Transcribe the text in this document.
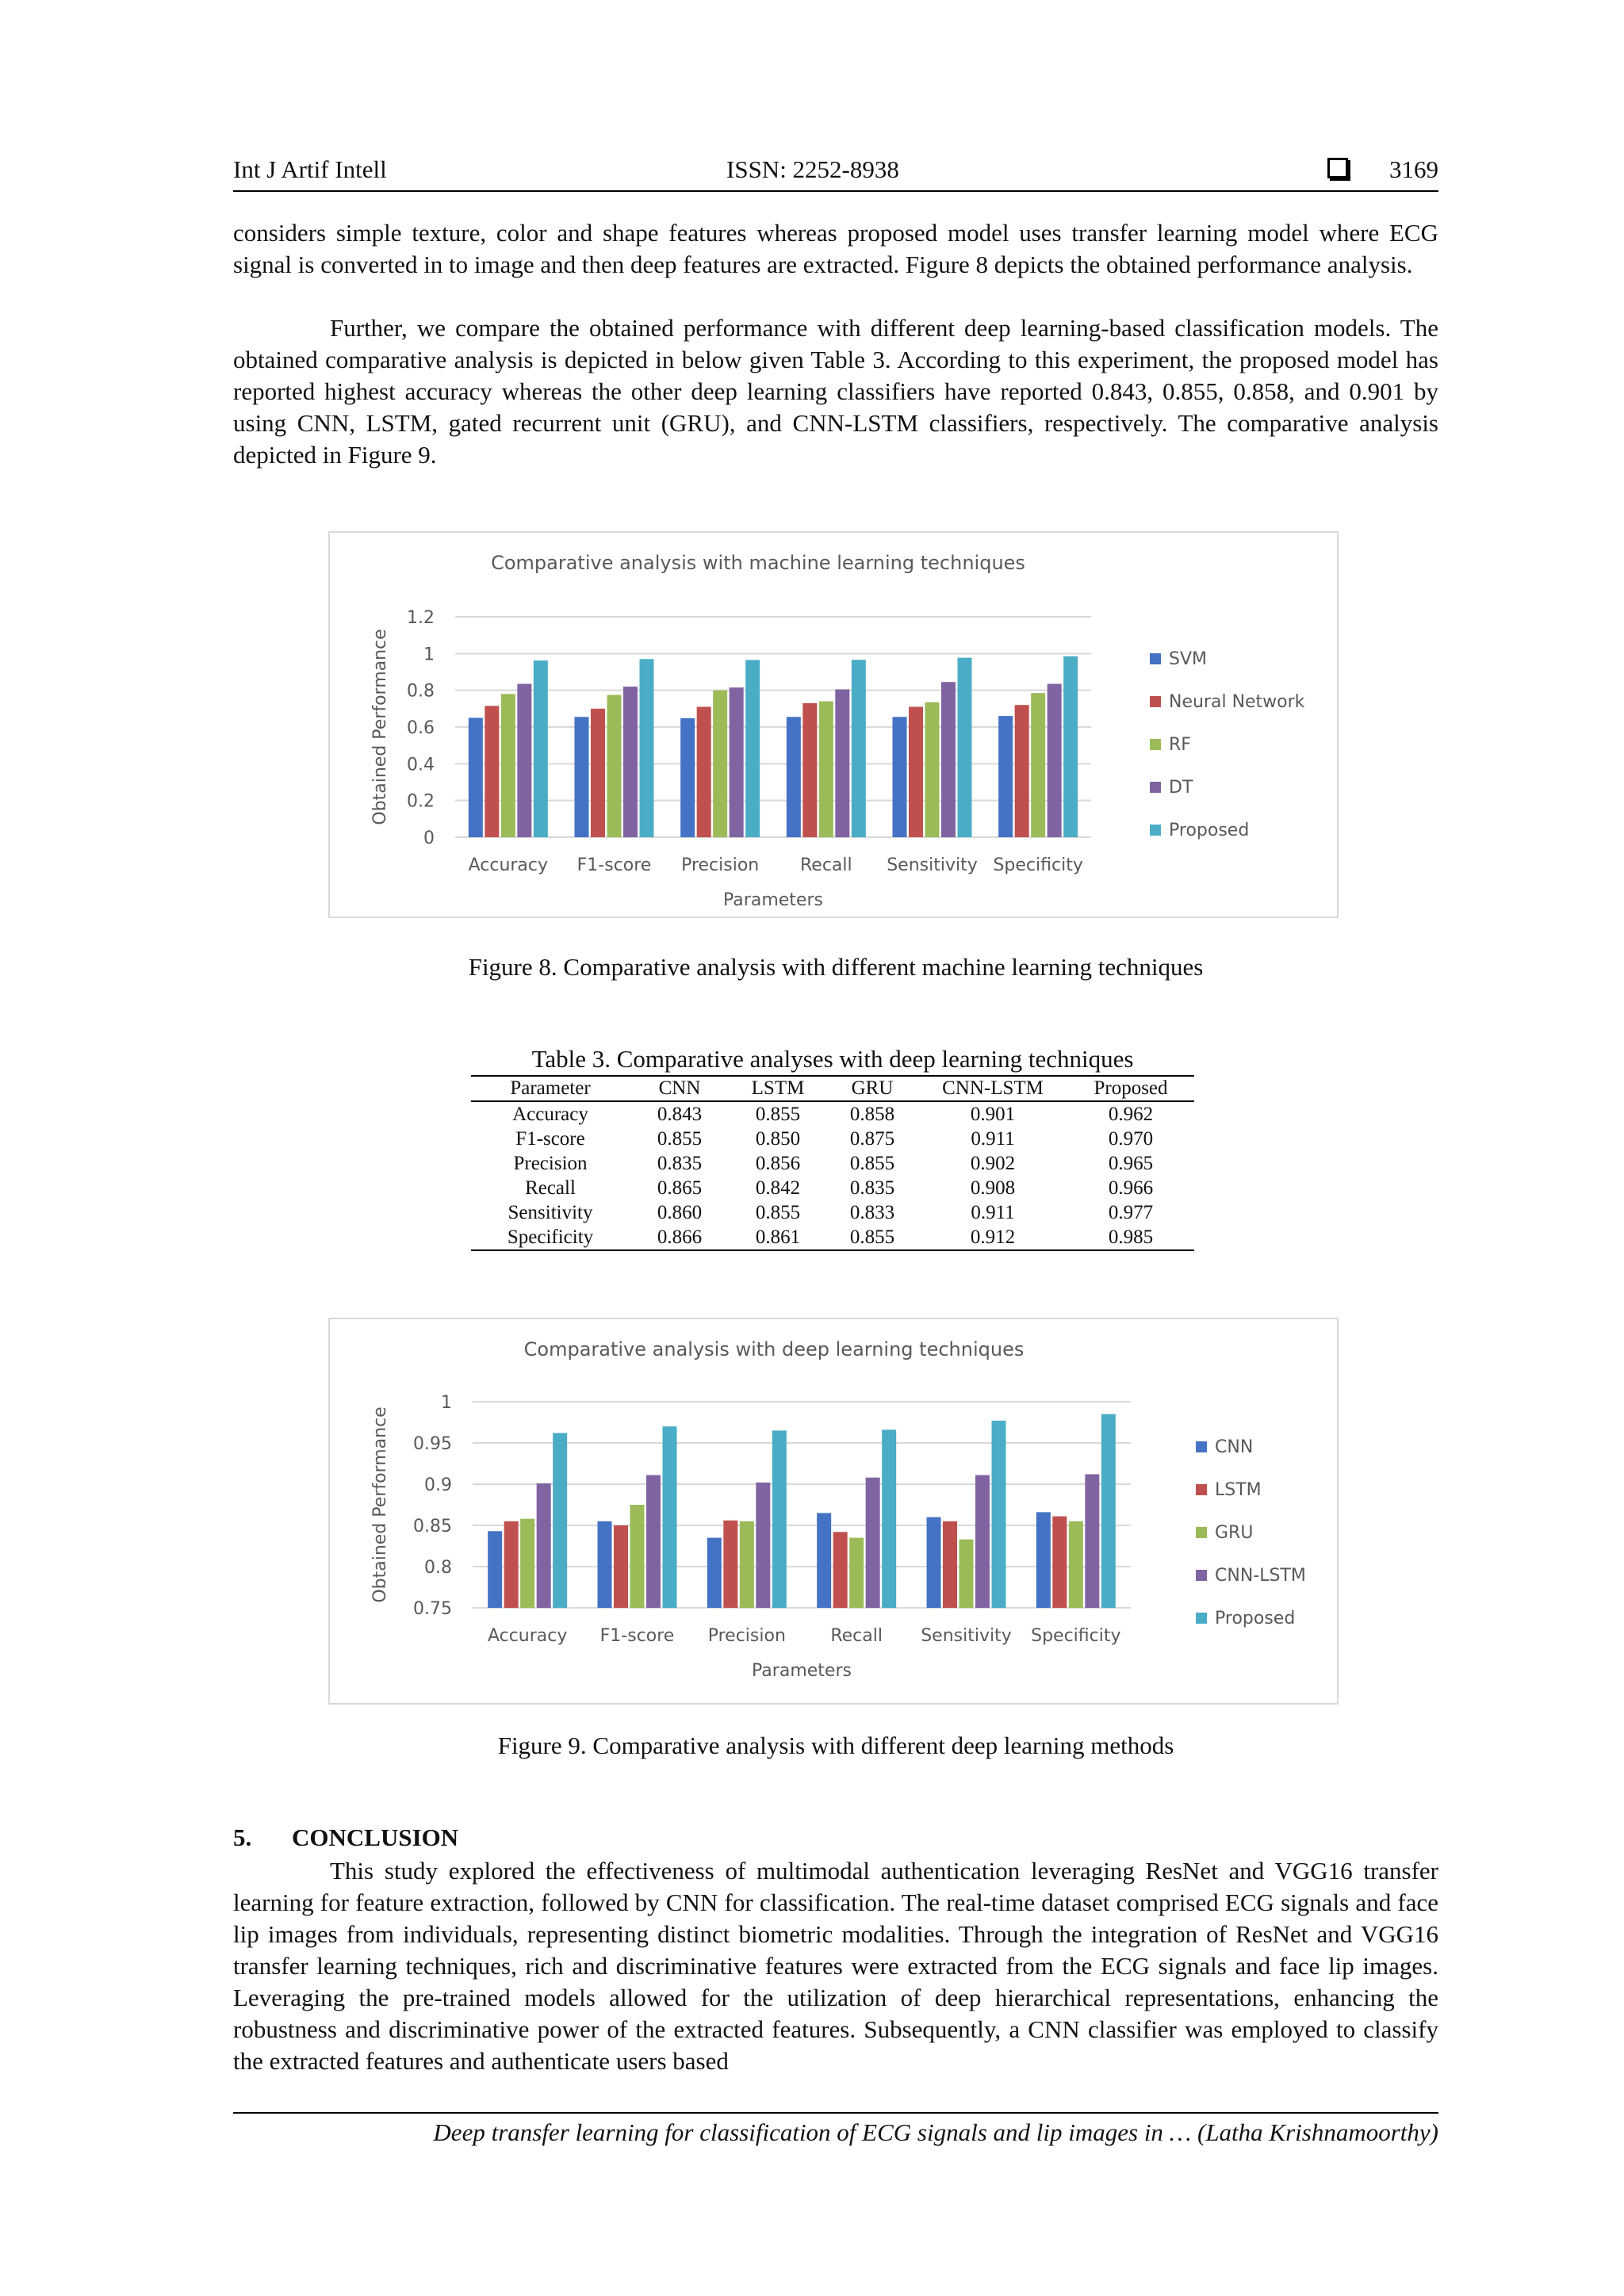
Int J Artif Intell	ISSN: 2252-8938	3169

considers simple texture, color and shape features whereas proposed model uses transfer learning model where ECG signal is converted in to image and then deep features are extracted. Figure 8 depicts the obtained performance analysis.

Further, we compare the obtained performance with different deep learning-based classification models. The obtained comparative analysis is depicted in below given Table 3. According to this experiment, the proposed model has reported highest accuracy whereas the other deep learning classifiers have reported 0.843, 0.855, 0.858, and 0.901 by using CNN, LSTM, gated recurrent unit (GRU), and CNN-LSTM classifiers, respectively. The comparative analysis depicted in Figure 9.

Comparative analysis with machine learning techniques
0
0.2
0.4
0.6
0.8
1
1.2
Obtained Performance
Accuracy F1-score Precision Recall Sensitivity Specificity
Parameters
SVM
Neural Network
RF
DT
Proposed

Figure 8. Comparative analysis with different machine learning techniques

Table 3. Comparative analyses with deep learning techniques

Parameter	CNN	LSTM	GRU	CNN-LSTM	Proposed
Accuracy	0.843	0.855	0.858	0.901	0.962
F1-score	0.855	0.850	0.875	0.911	0.970
Precision	0.835	0.856	0.855	0.902	0.965
Recall	0.865	0.842	0.835	0.908	0.966
Sensitivity	0.860	0.855	0.833	0.911	0.977
Specificity	0.866	0.861	0.855	0.912	0.985
Comparative analysis with deep learning techniques
0.75
0.8
0.85
0.9
0.95
1
Obtained Performance
Accuracy F1-score Precision	Recall Sensitivity Specificity
Parameters
CNN
LSTM
GRU
CNN-LSTM
Proposed

Figure 9. Comparative analysis with different deep learning methods

5. CONCLUSION

This study explored the effectiveness of multimodal authentication leveraging ResNet and VGG16 transfer learning for feature extraction, followed by CNN for classification. The real-time dataset comprised ECG signals and face lip images from individuals, representing distinct biometric modalities. Through the integration of ResNet and VGG16 transfer learning techniques, rich and discriminative features were extracted from the ECG signals and face lip images. Leveraging the pre-trained models allowed for the utilization of deep hierarchical representations, enhancing the robustness and discriminative power of the extracted features. Subsequently, a CNN classifier was employed to classify the extracted features and authenticate users based

Deep transfer learning for classification of ECG signals and lip images in … (Latha Krishnamoorthy)
